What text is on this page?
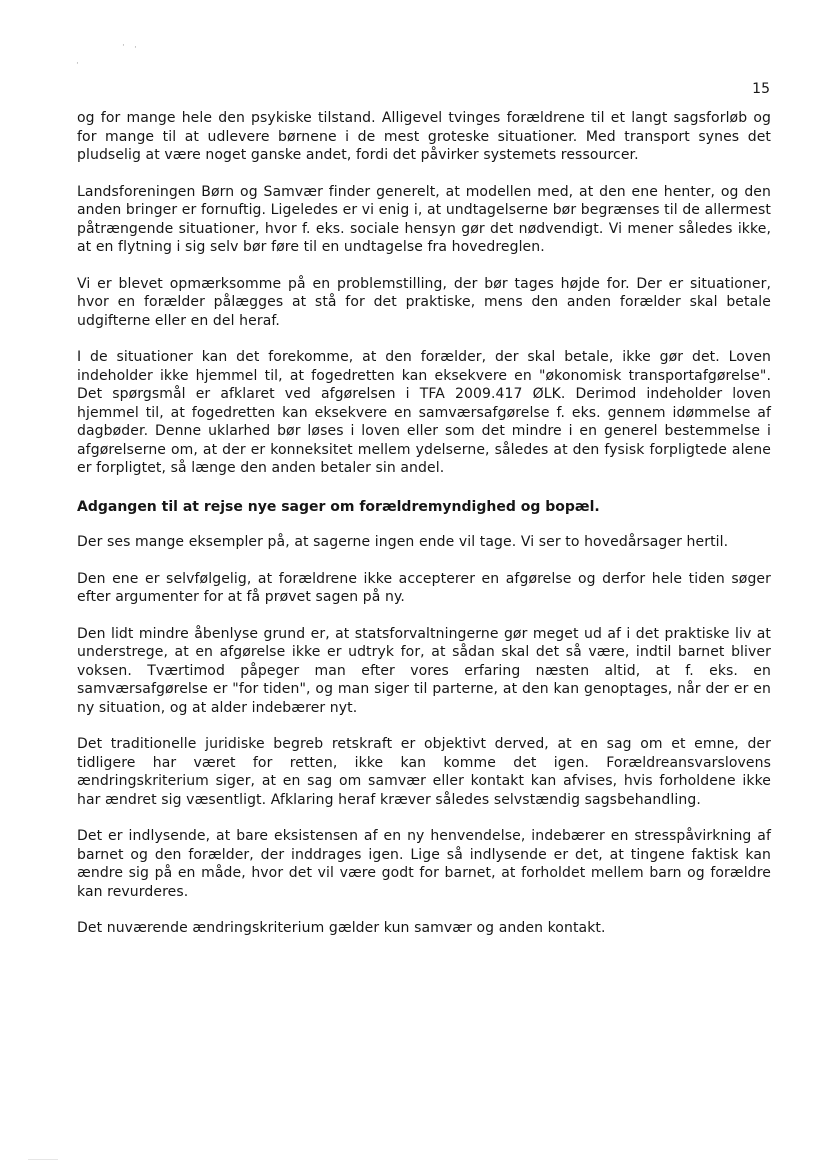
· ·
·
15

og for mange hele den psykiske tilstand. Alligevel tvinges forældrene til et langt sagsforløb og for mange til at udlevere børnene i de mest groteske situationer. Med transport synes det pludselig at være noget ganske andet, fordi det påvirker systemets ressourcer.

Landsforeningen Børn og Samvær finder generelt, at modellen med, at den ene henter, og den anden bringer er fornuftig. Ligeledes er vi enig i, at undtagelserne bør begrænses til de allermest påtrængende situationer, hvor f. eks. sociale hensyn gør det nødvendigt. Vi mener således ikke, at en flytning i sig selv bør føre til en undtagelse fra hovedreglen.

Vi er blevet opmærksomme på en problemstilling, der bør tages højde for. Der er situationer, hvor en forælder pålægges at stå for det praktiske, mens den anden forælder skal betale udgifterne eller en del heraf.

I de situationer kan det forekomme, at den forælder, der skal betale, ikke gør det. Loven indeholder ikke hjemmel til, at fogedretten kan eksekvere en "økonomisk transportafgørelse". Det spørgsmål er afklaret ved afgørelsen i TFA 2009.417 ØLK. Derimod indeholder loven hjemmel til, at fogedretten kan eksekvere en samværsafgørelse f. eks. gennem idømmelse af dagbøder. Denne uklarhed bør løses i loven eller som det mindre i en generel bestemmelse i afgørelserne om, at der er konneksitet mellem ydelserne, således at den fysisk forpligtede alene er forpligtet, så længe den anden betaler sin andel.

Adgangen til at rejse nye sager om forældremyndighed og bopæl.

Der ses mange eksempler på, at sagerne ingen ende vil tage. Vi ser to hovedårsager hertil.

Den ene er selvfølgelig, at forældrene ikke accepterer en afgørelse og derfor hele tiden søger efter argumenter for at få prøvet sagen på ny.

Den lidt mindre åbenlyse grund er, at statsforvaltningerne gør meget ud af i det praktiske liv at understrege, at en afgørelse ikke er udtryk for, at sådan skal det så være, indtil barnet bliver voksen. Tværtimod påpeger man efter vores erfaring næsten altid, at f. eks. en samværsafgørelse er "for tiden", og man siger til parterne, at den kan genoptages, når der er en ny situation, og at alder indebærer nyt.

Det traditionelle juridiske begreb retskraft er objektivt derved, at en sag om et emne, der tidligere har været for retten, ikke kan komme det igen. Forældreansvarslovens ændringskriterium siger, at en sag om samvær eller kontakt kan afvises, hvis forholdene ikke har ændret sig væsentligt. Afklaring heraf kræver således selvstændig sagsbehandling.

Det er indlysende, at bare eksistensen af en ny henvendelse, indebærer en stresspåvirkning af barnet og den forælder, der inddrages igen. Lige så indlysende er det, at tingene faktisk kan ændre sig på en måde, hvor det vil være godt for barnet, at forholdet mellem barn og forældre kan revurderes.

Det nuværende ændringskriterium gælder kun samvær og anden kontakt.
